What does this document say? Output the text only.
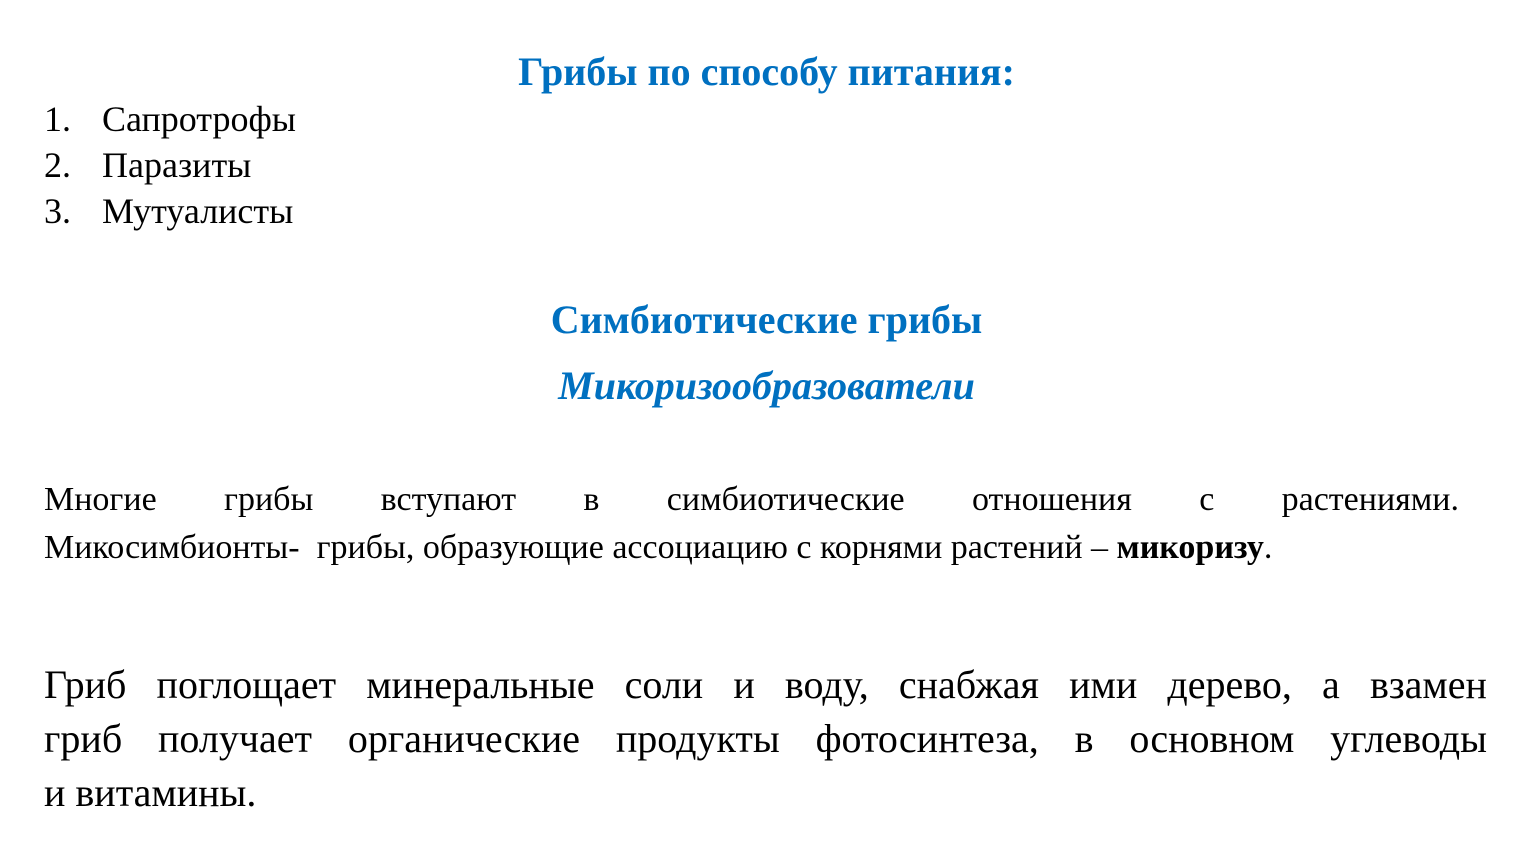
Грибы по способу питания:
1. Сапротрофы
2. Паразиты
3. Мутуалисты
Симбиотические грибы
Микоризообразователи
Многие грибы вступают в симбиотические отношения с растениями.
Микосимбионты-  грибы, образующие ассоциацию с корнями растений – микоризу.
Гриб поглощает минеральные соли и воду, снабжая ими дерево, а взамен
гриб получает органические продукты фотосинтеза, в основном углеводы
и витамины.
